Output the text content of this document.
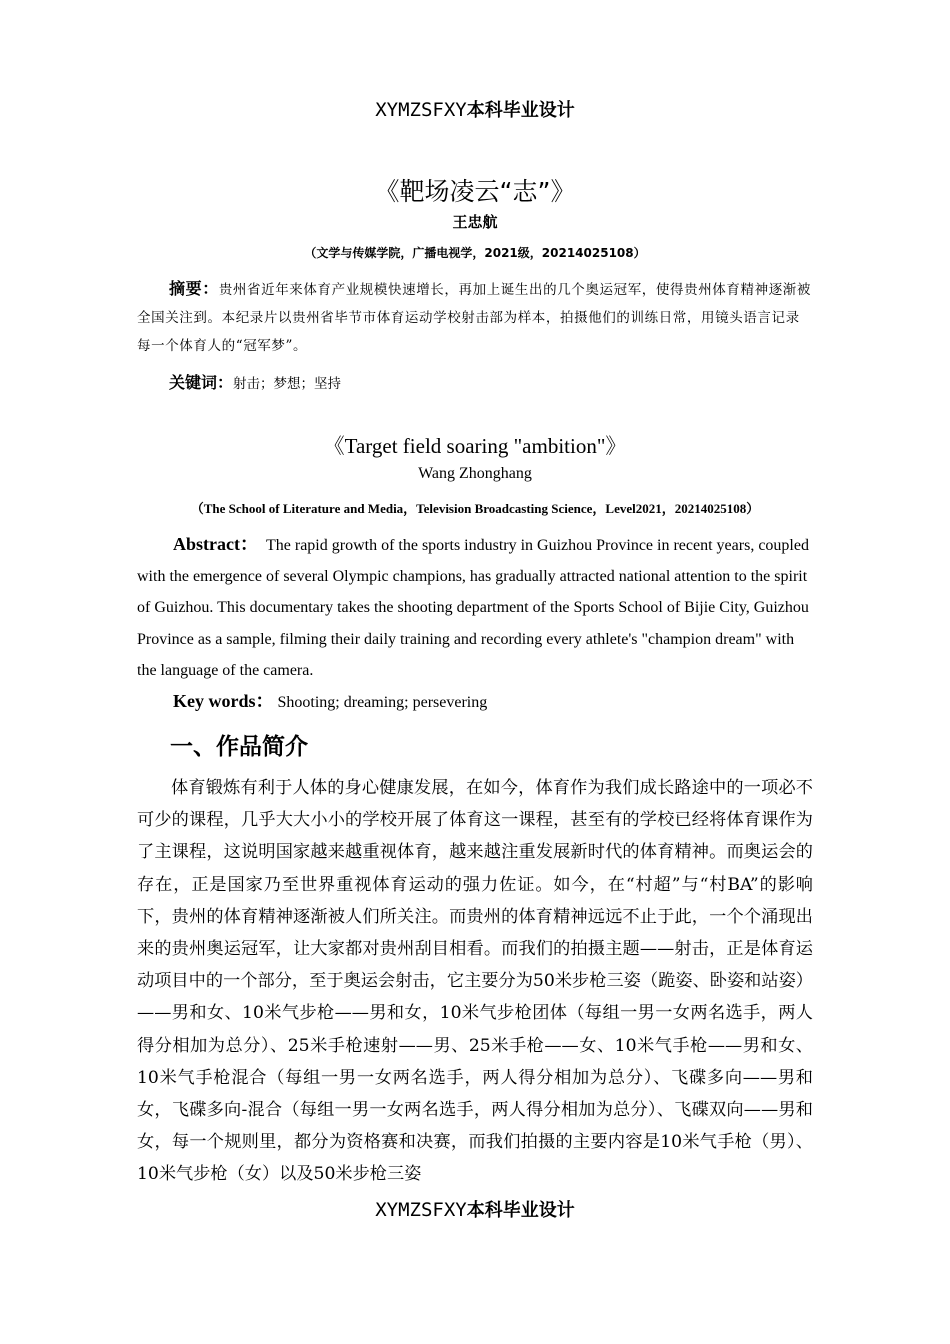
XYMZSFXY本科毕业设计
《靶场凌云“志”》
王忠航
（文学与传媒学院，广播电视学，2021级，20214025108）
摘要：贵州省近年来体育产业规模快速增长，再加上诞生出的几个奥运冠军，使得贵州体育精神逐渐被全国关注到。本纪录片以贵州省毕节市体育运动学校射击部为样本，拍摄他们的训练日常，用镜头语言记录每一个体育人的“冠军梦”。
关键词：射击；梦想；坚持
《Target field soaring "ambition"》
Wang Zhonghang
（The School of Literature and Media，Television Broadcasting Science，Level2021，20214025108）
Abstract： The rapid growth of the sports industry in Guizhou Province in recent years, coupled with the emergence of several Olympic champions, has gradually attracted national attention to the spirit of Guizhou. This documentary takes the shooting department of the Sports School of Bijie City, Guizhou Province as a sample, filming their daily training and recording every athlete's "champion dream" with the language of the camera.
Key words： Shooting; dreaming; persevering
一、作品简介
体育锻炼有利于人体的身心健康发展，在如今，体育作为我们成长路途中的一项必不可少的课程，几乎大大小小的学校开展了体育这一课程，甚至有的学校已经将体育课作为了主课程，这说明国家越来越重视体育，越来越注重发展新时代的体育精神。而奥运会的存在，正是国家乃至世界重视体育运动的强力佐证。如今，在“村超”与“村BA”的影响下，贵州的体育精神逐渐被人们所关注。而贵州的体育精神远远不止于此，一个个涌现出来的贵州奥运冠军，让大家都对贵州刮目相看。而我们的拍摄主题——射击，正是体育运动项目中的一个部分，至于奥运会射击，它主要分为50米步枪三姿（跪姿、卧姿和站姿）——男和女、10米气步枪——男和女，10米气步枪团体（每组一男一女两名选手，两人得分相加为总分）、25米手枪速射——男、25米手枪——女、10米气手枪——男和女、10米气手枪混合（每组一男一女两名选手，两人得分相加为总分）、飞碟多向——男和女，飞碟多向-混合（每组一男一女两名选手，两人得分相加为总分）、飞碟双向——男和女，每一个规则里，都分为资格赛和决赛，而我们拍摄的主要内容是10米气手枪（男）、10米气步枪（女）以及50米步枪三姿
XYMZSFXY本科毕业设计
